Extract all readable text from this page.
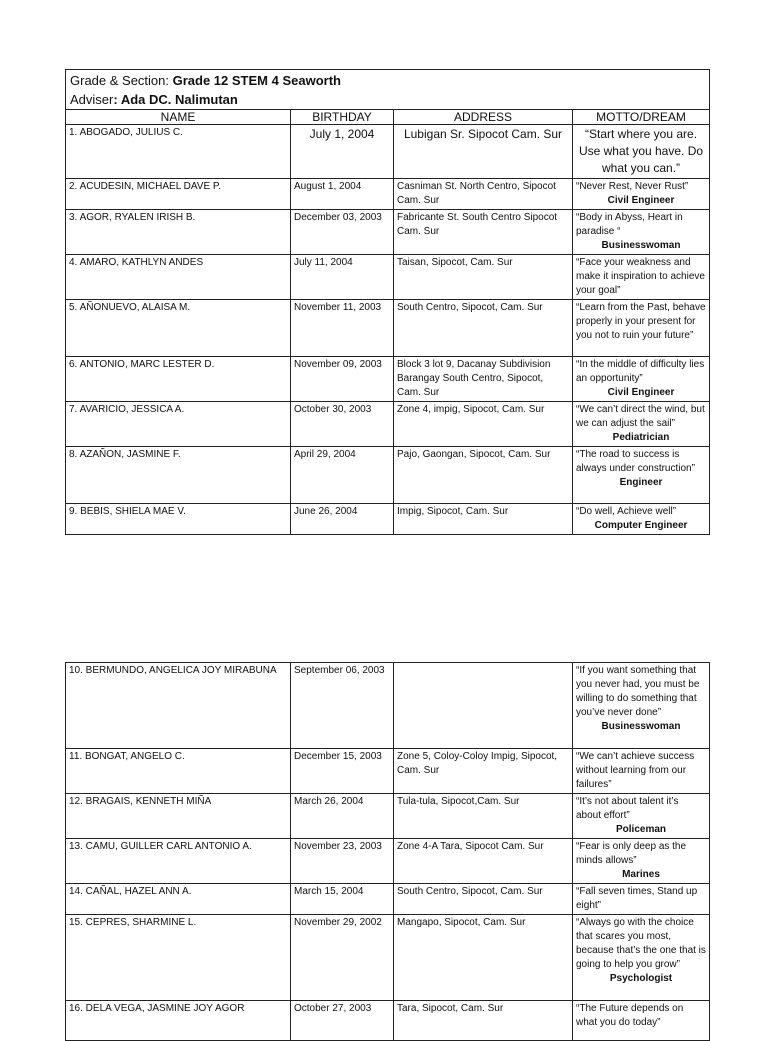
Grade & Section: Grade 12 STEM 4 Seaworth
Adviser: Ada DC. Nalimutan			

NAME	BIRTHDAY	ADDRESS	MOTTO/DREAM
1. ABOGADO, JULIUS C.	July 1, 2004	Lubigan Sr. Sipocot Cam. Sur	“Start where you are. Use what you have. Do what you can.”
2. ACUDESIN, MICHAEL DAVE P.	August 1, 2004	Casniman St. North Centro, Sipocot Cam. Sur	“Never Rest, Never Rust”
Civil Engineer

3. AGOR, RYALEN IRISH B.	December 03, 2003	Fabricante St. South Centro Sipocot Cam. Sur	“Body in Abyss, Heart in paradise “
Businesswoman

4. AMARO, KATHLYN ANDES	July 11, 2004	Taisan, Sipocot, Cam. Sur	“Face your weakness and make it inspiration to achieve your goal”
5. AÑONUEVO, ALAISA M.	November 11, 2003	South Centro, Sipocot, Cam. Sur	“Learn from the Past, behave properly in your present for you not to ruin your future”
6. ANTONIO, MARC LESTER D.	November 09, 2003	Block 3 lot 9, Dacanay Subdivision Barangay South Centro, Sipocot, Cam. Sur	“In the middle of difficulty lies an opportunity”
Civil Engineer

7. AVARICIO, JESSICA A.	October 30, 2003	Zone 4, impig, Sipocot, Cam. Sur	“We can’t direct the wind, but we can adjust the sail”
Pediatrician

8. AZAÑON, JASMINE F.	April 29, 2004	Pajo, Gaongan, Sipocot, Cam. Sur	“The road to success is always under construction”
Engineer

9. BEBIS, SHIELA MAE V.	June 26, 2004	Impig, Sipocot, Cam. Sur	“Do well, Achieve well”
Computer Engineer
10. BERMUNDO, ANGELICA JOY MIRABUNA	September 06, 2003		“If you want something that you never had, you must be willing to do something that you’ve never done”
Businesswoman

11. BONGAT, ANGELO C.	December 15, 2003	Zone 5, Coloy-Coloy Impig, Sipocot, Cam. Sur	“We can’t achieve success without learning from our failures”
12. BRAGAIS, KENNETH MIÑA	March 26, 2004	Tula-tula, Sipocot,Cam. Sur	“It’s not about talent it’s about effort”
Policeman

13. CAMU, GUILLER CARL ANTONIO A.	November 23, 2003	Zone 4-A Tara, Sipocot Cam. Sur	“Fear is only deep as the minds allows”
Marines

14. CAÑAL, HAZEL ANN A.	March 15, 2004	South Centro, Sipocot, Cam. Sur	“Fall seven times, Stand up eight”
15. CEPRES, SHARMINE L.	November 29, 2002	Mangapo, Sipocot, Cam. Sur	“Always go with the choice that scares you most, because that’s the one that is going to help you grow”
Psychologist

16. DELA VEGA, JASMINE JOY AGOR	October 27, 2003	Tara, Sipocot, Cam. Sur	“The Future depends on what you do today”
